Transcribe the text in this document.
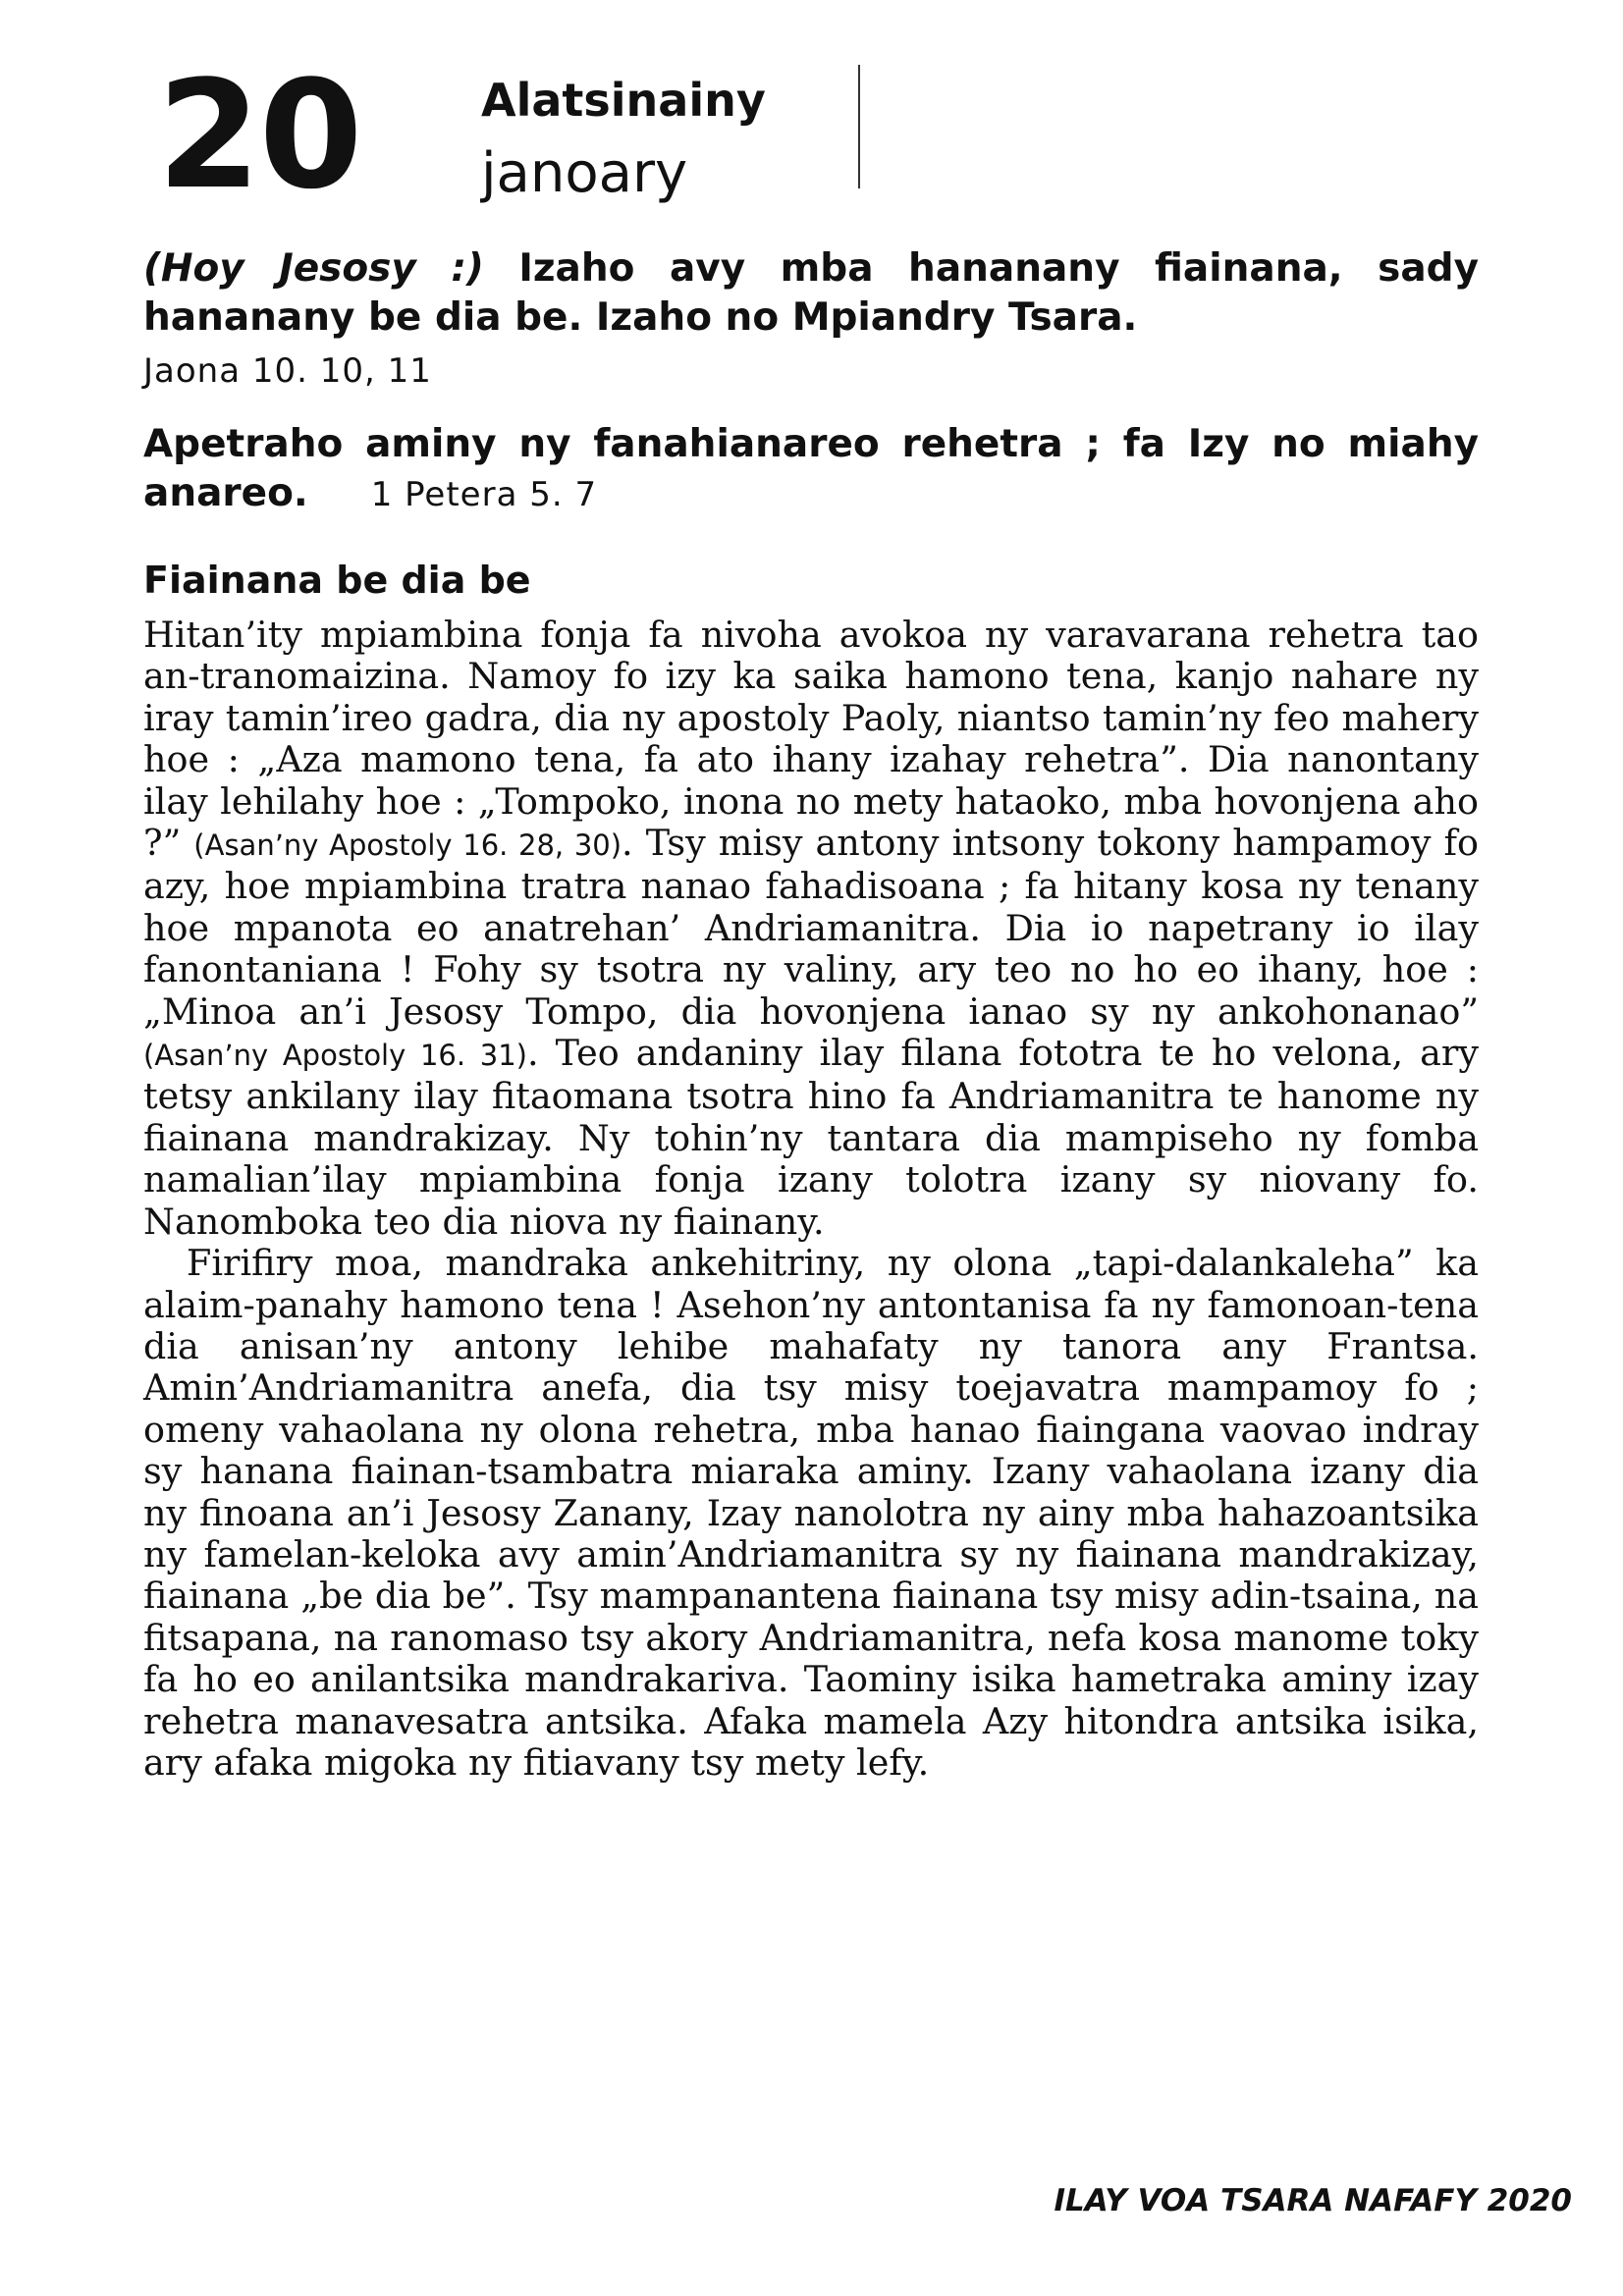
20	Alatsinainy
janoary
(Hoy Jesosy :) Izaho avy mba hananany fiainana, sady hananany be dia be. Izaho no Mpiandry Tsara.
Jaona 10. 10, 11
Apetraho aminy ny fanahianareo rehetra ; fa Izy no miahy anareo. 1 Petera 5. 7
Fiainana be dia be

Hitan’ity mpiambina fonja fa nivoha avokoa ny varavarana rehetra tao an-tranomaizina. Namoy fo izy ka saika hamono tena, kanjo nahare ny iray tamin’ireo gadra, dia ny apostoly Paoly, niantso tamin’ny feo mahery hoe : „Aza mamono tena, fa ato ihany izahay rehetra”. Dia nanontany ilay lehilahy hoe : „Tompoko, inona no mety hataoko, mba hovonjena aho ?” (Asan’ny Apostoly 16. 28, 30). Tsy misy antony intsony tokony hampamoy fo azy, hoe mpiambina tratra nanao fahadisoana ; fa hitany kosa ny tenany hoe mpanota eo anatrehan’ Andriamanitra. Dia io napetrany io ilay fanontaniana ! Fohy sy tsotra ny valiny, ary teo no ho eo ihany, hoe : „Minoa an’i Jesosy Tompo, dia hovonjena ianao sy ny ankohonanao” (Asan’ny Apostoly 16. 31). Teo andaniny ilay filana fototra te ho velona, ary tetsy ankilany ilay fitaomana tsotra hino fa Andriamanitra te hanome ny fiainana mandrakizay. Ny tohin’ny tantara dia mampiseho ny fomba namalian’ilay mpiambina fonja izany tolotra izany sy niovany fo. Nanomboka teo dia niova ny fiainany.

Firifiry moa, mandraka ankehitriny, ny olona „tapi-dalankaleha” ka alaim-panahy hamono tena ! Asehon’ny antontanisa fa ny famonoan-tena dia anisan’ny antony lehibe mahafaty ny tanora any Frantsa. Amin’Andriamanitra anefa, dia tsy misy toejavatra mampamoy fo ; omeny vahaolana ny olona rehetra, mba hanao fiaingana vaovao indray sy hanana fiainan-tsambatra miaraka aminy. Izany vahaolana izany dia ny finoana an’i Jesosy Zanany, Izay nanolotra ny ainy mba hahazoantsika ny famelan-keloka avy amin’Andriamanitra sy ny fiainana mandrakizay, fiainana „be dia be”. Tsy mampanantena fiainana tsy misy adin-tsaina, na fitsapana, na ranomaso tsy akory Andriamanitra, nefa kosa manome toky fa ho eo anilantsika mandrakariva. Taominy isika hametraka aminy izay rehetra manavesatra antsika. Afaka mamela Azy hitondra antsika isika, ary afaka migoka ny fitiavany tsy mety lefy.

ILAY VOA TSARA NAFAFY 2020
